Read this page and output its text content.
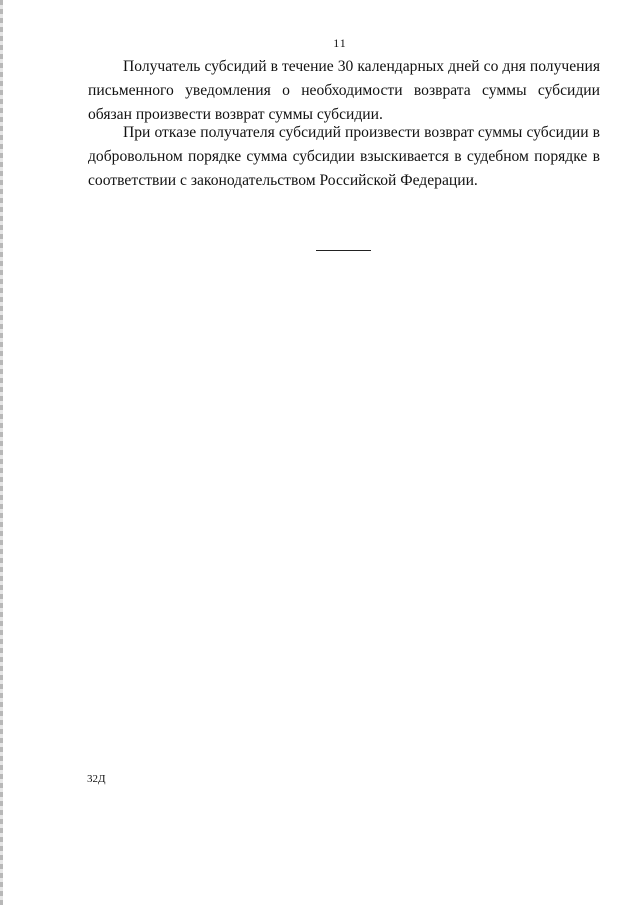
11

Получатель субсидий в течение 30 календарных дней со дня получения письменного уведомления о необходимости возврата суммы субсидии обязан произвести возврат суммы субсидии.

При отказе получателя субсидий произвести возврат суммы субсидии в добровольном порядке сумма субсидии взыскивается в судебном порядке в соответствии с законодательством Российской Федерации.

32Д
